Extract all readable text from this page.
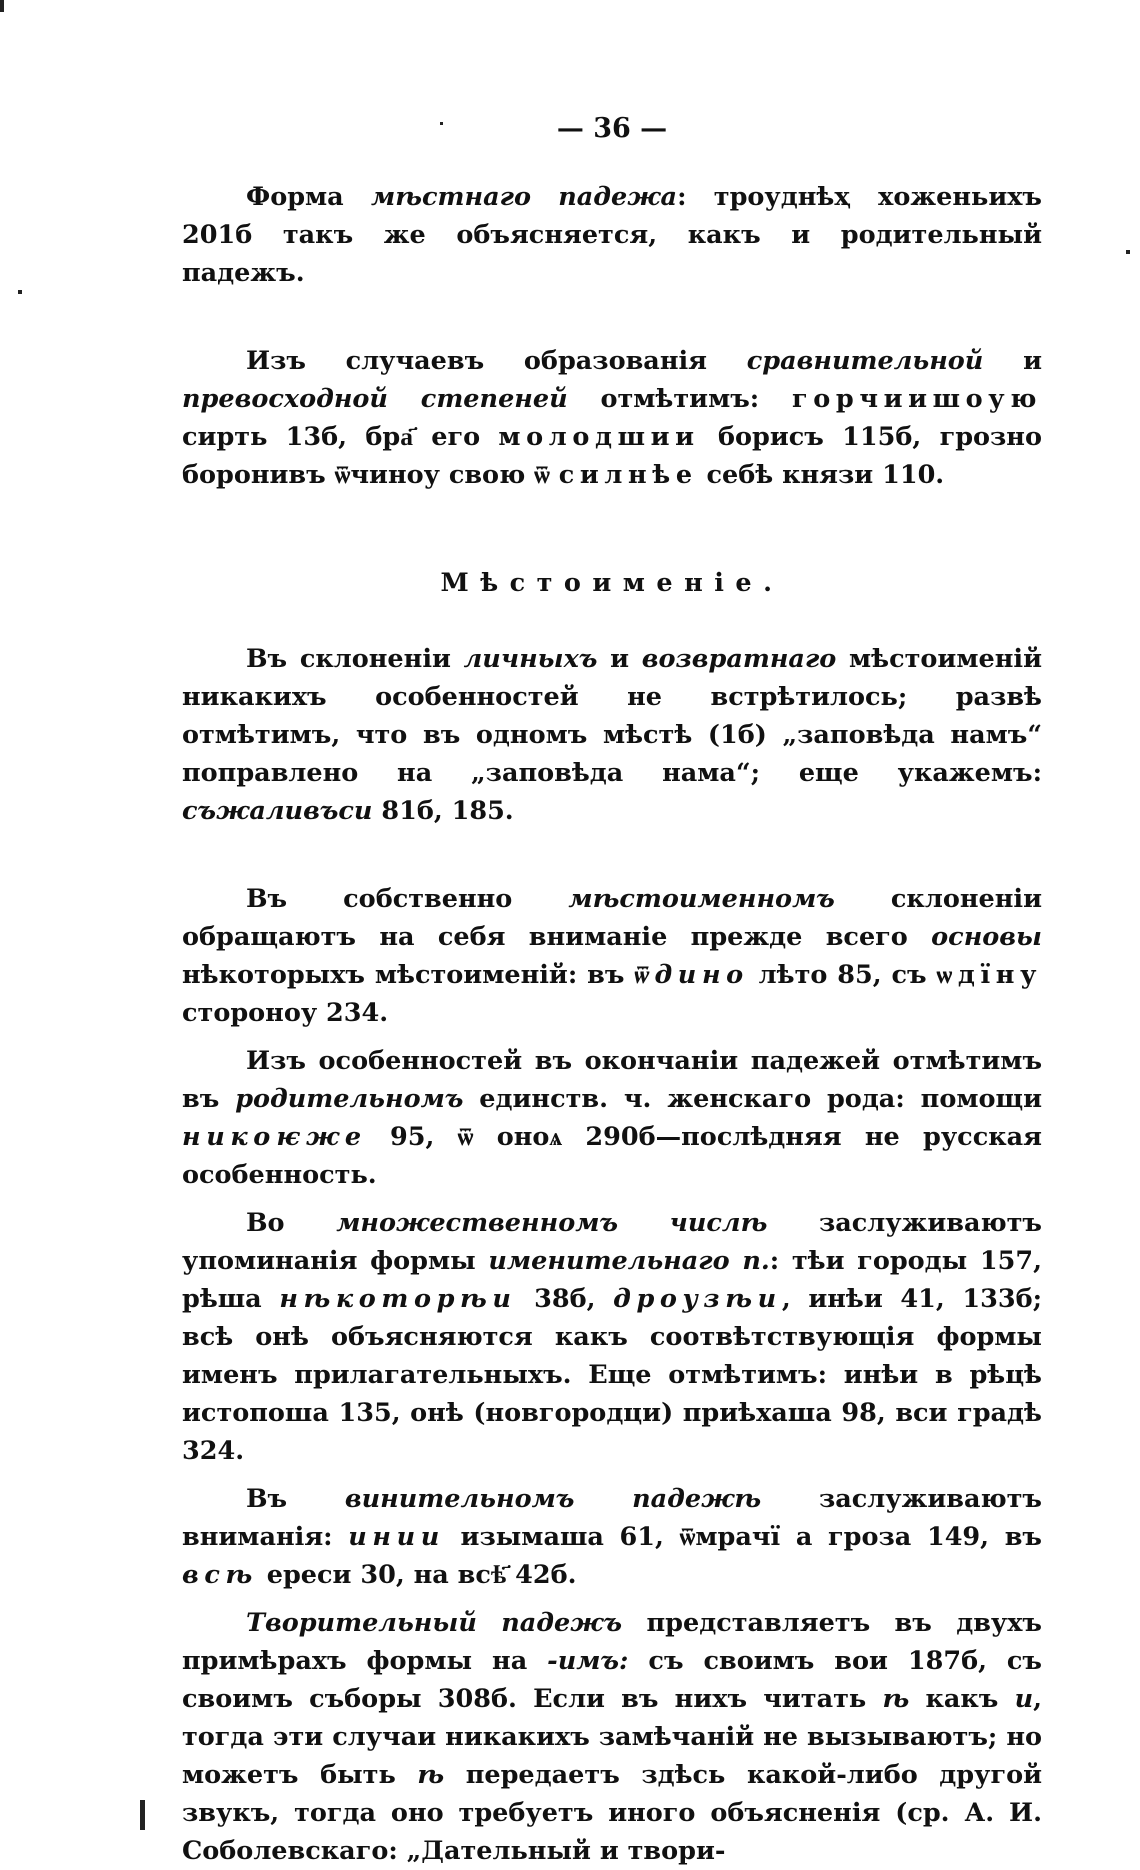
— 36 —

Форма мѣстнаго падежа: троуднѣҳ хоженьихъ 201б такъ же объясняется, какъ и родительный падежъ.

Изъ случаевъ образованія сравнительной и превосходной степеней отмѣтимъ: горчиишоую сирть 13б, бра҃ его молодшии борисъ 115б, грозно боронивъ ѿчиноу свою ѿ силнѣе себѣ князи 110.

Мѣстоименіе.

Въ склоненіи личныхъ и возвратнаго мѣстоименій никакихъ особенностей не встрѣтилось; развѣ отмѣтимъ, что въ одномъ мѣстѣ (1б) „заповѣда намъ“ поправлено на „заповѣда нама“; еще укажемъ: съжаливъси 81б, 185.

Въ собственно мѣстоименномъ склоненіи обращаютъ на себя вниманіе прежде всего основы нѣкоторыхъ мѣстоименій: въ ѿдино лѣто 85, съ ѡдїну стороноу 234.

Изъ особенностей въ окончаніи падежей отмѣтимъ въ родительномъ единств. ч. женскаго рода: помощи никоѥже 95, ѿ оноѧ 290б—послѣдняя не русская особенность.

Во множественномъ числѣ заслуживаютъ упоминанія формы именительнаго п.: тѣи городы 157, рѣша нѣкоторѣи 38б, дроузѣи, инѣи 41, 133б; всѣ онѣ объясняются какъ соотвѣтствующія формы именъ прилагательныхъ. Еще отмѣтимъ: инѣи в рѣцѣ истопоша 135, онѣ (новгородци) приѣхаша 98, вси градѣ 324.

Въ винительномъ падежѣ заслуживаютъ вниманія: инии изымаша 61, ѿмрачї а гроза 149, въ всѣ ереси 30, на всѣ҃ 42б.

Творительный падежъ представляетъ въ двухъ примѣрахъ формы на -имъ: съ своимъ вои 187б, съ своимъ съборы 308б. Если въ нихъ читать ѣ какъ и, тогда эти случаи никакихъ замѣчаній не вызываютъ; но можетъ быть ѣ передаетъ здѣсь какой-либо другой звукъ, тогда оно требуетъ иного объясненія (ср. А. И. Соболевскаго: „Дательный и твори-
